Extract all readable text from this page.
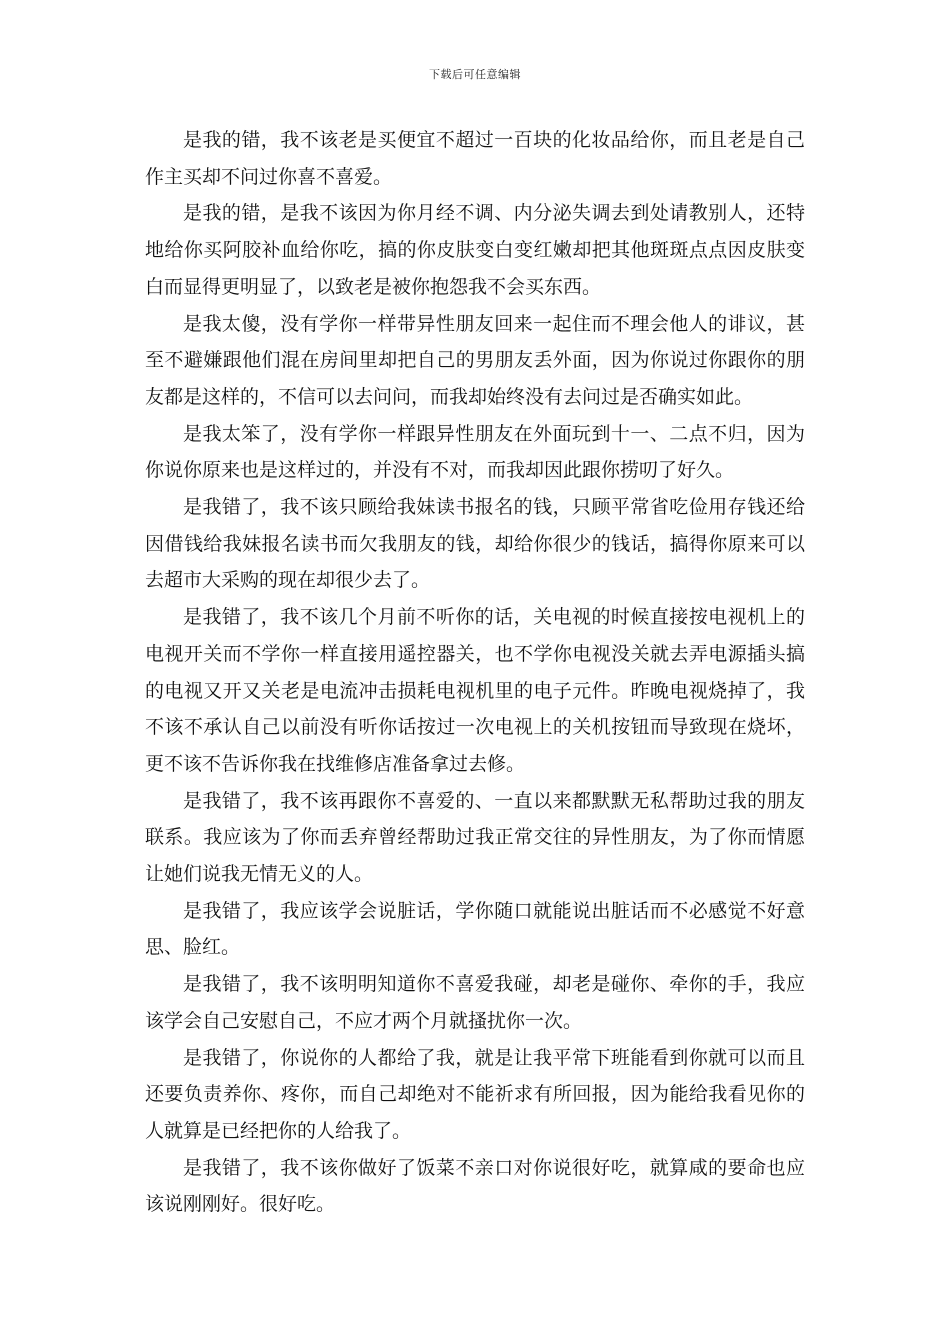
下载后可任意编辑

是我的错，我不该老是买便宜不超过一百块的化妆品给你，而且老是自己作主买却不问过你喜不喜爱。

是我的错，是我不该因为你月经不调、内分泌失调去到处请教别人，还特地给你买阿胶补血给你吃，搞的你皮肤变白变红嫩却把其他斑斑点点因皮肤变白而显得更明显了，以致老是被你抱怨我不会买东西。

是我太傻，没有学你一样带异性朋友回来一起住而不理会他人的诽议，甚至不避嫌跟他们混在房间里却把自己的男朋友丢外面，因为你说过你跟你的朋友都是这样的，不信可以去问问，而我却始终没有去问过是否确实如此。

是我太笨了，没有学你一样跟异性朋友在外面玩到十一、二点不归，因为你说你原来也是这样过的，并没有不对，而我却因此跟你捞叨了好久。

是我错了，我不该只顾给我妹读书报名的钱，只顾平常省吃俭用存钱还给因借钱给我妹报名读书而欠我朋友的钱，却给你很少的钱话，搞得你原来可以去超市大采购的现在却很少去了。

是我错了，我不该几个月前不听你的话，关电视的时候直接按电视机上的电视开关而不学你一样直接用遥控器关，也不学你电视没关就去弄电源插头搞的电视又开又关老是电流冲击损耗电视机里的电子元件。昨晚电视烧掉了，我不该不承认自己以前没有听你话按过一次电视上的关机按钮而导致现在烧坏，更不该不告诉你我在找维修店准备拿过去修。

是我错了，我不该再跟你不喜爱的、一直以来都默默无私帮助过我的朋友联系。我应该为了你而丢弃曾经帮助过我正常交往的异性朋友，为了你而情愿让她们说我无情无义的人。

是我错了，我应该学会说脏话，学你随口就能说出脏话而不必感觉不好意思、脸红。

是我错了，我不该明明知道你不喜爱我碰，却老是碰你、牵你的手，我应该学会自己安慰自己，不应才两个月就搔扰你一次。

是我错了，你说你的人都给了我，就是让我平常下班能看到你就可以而且还要负责养你、疼你，而自己却绝对不能祈求有所回报，因为能给我看见你的人就算是已经把你的人给我了。

是我错了，我不该你做好了饭菜不亲口对你说很好吃，就算咸的要命也应该说刚刚好。很好吃。
